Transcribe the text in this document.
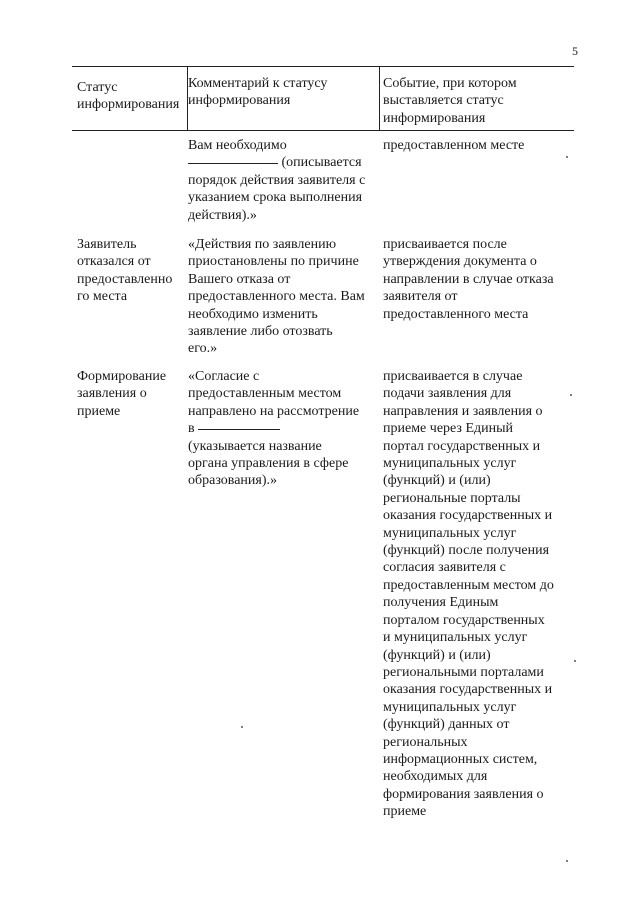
5
Статус
информирования
Комментарий к статусу
информирования
Событие, при котором
выставляется статус
информирования
Вам необходимо
(описывается
порядок действия заявителя с
указанием срока выполнения
действия).»
предоставленном месте
Заявитель
отказался от
предоставленно
го места
«Действия по заявлению
приостановлены по причине
Вашего отказа от
предоставленного места. Вам
необходимо изменить
заявление либо отозвать
его.»
присваивается после
утверждения документа о
направлении в случае отказа
заявителя от
предоставленного места
Формирование
заявления о
приеме
«Согласие с
предоставленным местом
направлено на рассмотрение
в
(указывается название
органа управления в сфере
образования).»
присваивается в случае
подачи заявления для
направления и заявления о
приеме через Единый
портал государственных и
муниципальных услуг
(функций) и (или)
региональные порталы
оказания государственных и
муниципальных услуг
(функций) после получения
согласия заявителя с
предоставленным местом до
получения Единым
порталом государственных
и муниципальных услуг
(функций) и (или)
региональными порталами
оказания государственных и
муниципальных услуг
(функций) данных от
региональных
информационных систем,
необходимых для
формирования заявления о
приеме
